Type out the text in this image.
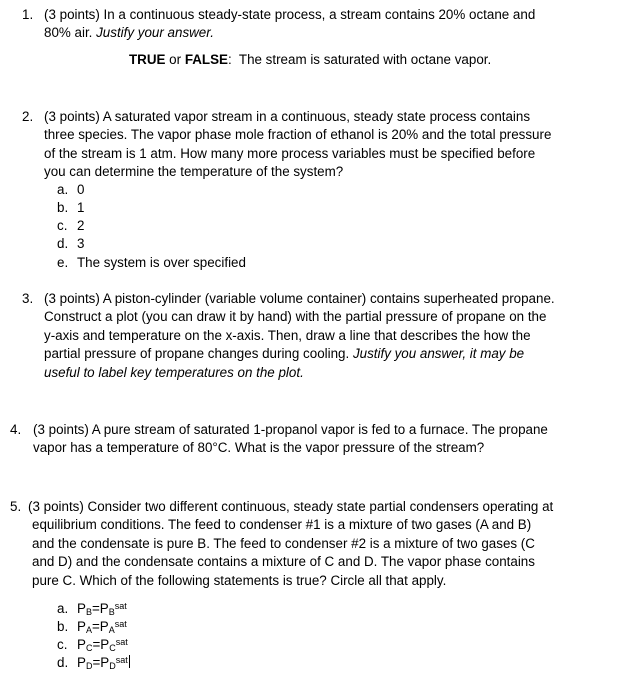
1. (3 points) In a continuous steady-state process, a stream contains 20% octane and
80% air. Justify your answer.
TRUE or FALSE:  The stream is saturated with octane vapor.
2. (3 points) A saturated vapor stream in a continuous, steady state process contains
three species. The vapor phase mole fraction of ethanol is 20% and the total pressure
of the stream is 1 atm. How many more process variables must be specified before
you can determine the temperature of the system?
a. 0
b. 1
c. 2
d. 3
e. The system is over specified
3. (3 points) A piston-cylinder (variable volume container) contains superheated propane.
Construct a plot (you can draw it by hand) with the partial pressure of propane on the
y-axis and temperature on the x-axis. Then, draw a line that describes the how the
partial pressure of propane changes during cooling. Justify you answer, it may be
useful to label key temperatures on the plot.
4. (3 points) A pure stream of saturated 1-propanol vapor is fed to a furnace. The propane
vapor has a temperature of 80°C. What is the vapor pressure of the stream?
5. (3 points) Consider two different continuous, steady state partial condensers operating at
equilibrium conditions. The feed to condenser #1 is a mixture of two gases (A and B)
and the condensate is pure B. The feed to condenser #2 is a mixture of two gases (C
and D) and the condensate contains a mixture of C and D. The vapor phase contains
pure C. Which of the following statements is true? Circle all that apply.
a. $P_B=P_B^{sat}$
b. $P_A=P_A^{sat}$
c. $P_C=P_C^{sat}$
d. $P_D=P_D^{sat}$
